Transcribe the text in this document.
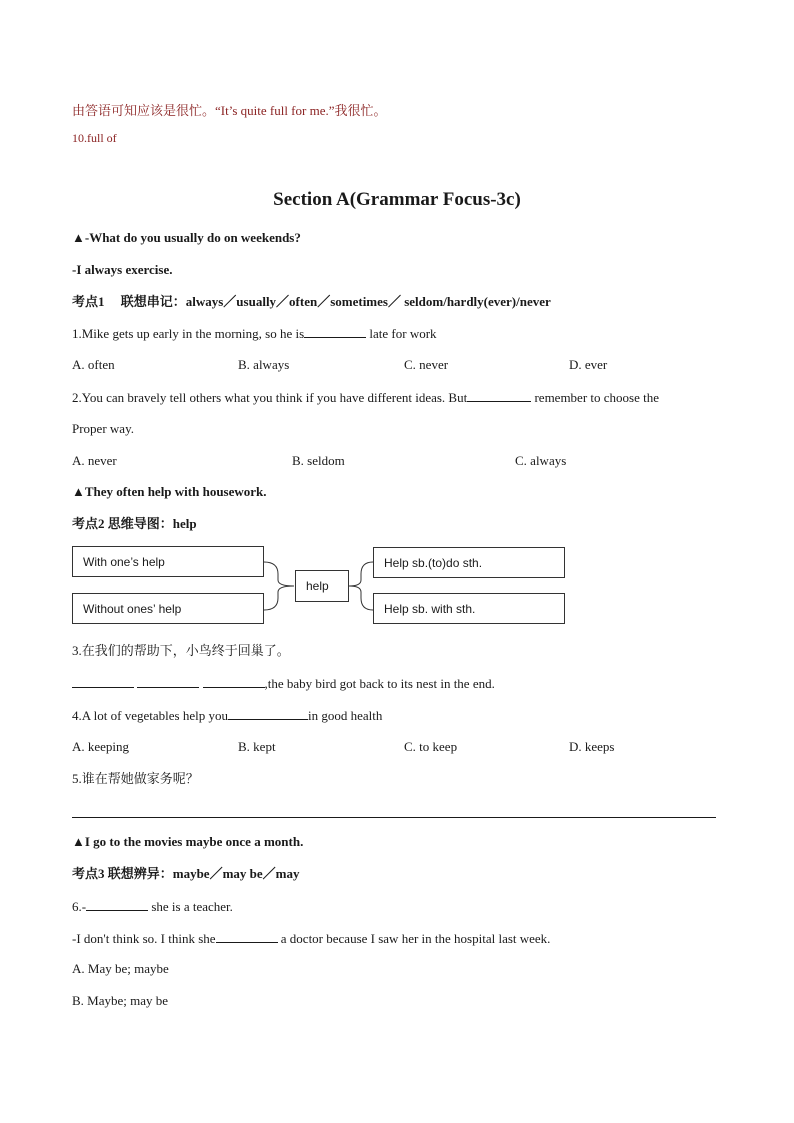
由答语可知应该是很忙。“It’s quite full for me.”我很忙。
10.full of
Section A(Grammar Focus-3c)
▲-What do you usually do on weekends?
-I always exercise.
考点1　 联想串记：always／usually／often／sometimes／ seldom/hardly(ever)/never
1.Mike gets up early in the morning, so he is	late for work
A. often	B. always	C. never	D. ever
2.You can bravely tell others what you think if you have different ideas. But	remember to choose the
Proper way.
A. never	B. seldom	C. always
▲They often help with housework.
考点2 思维导图：help
With one’s help
Without ones’ help
help
Help sb.(to)do sth.
Help sb. with sth.
3.在我们的帮助下，小鸟终于回巢了。
,the baby bird got back to its nest in the end.
4.A lot of vegetables help you	in good health
A. keeping	B. kept	C. to keep	D. keeps
5.谁在帮她做家务呢？
▲I go to the movies maybe once a month.
考点3 联想辨异：maybe／may be／may
6.-	she is a teacher.
-I don't think so. I think she	a doctor because I saw her in the hospital last week.
A. May be; maybe
B. Maybe; may be
